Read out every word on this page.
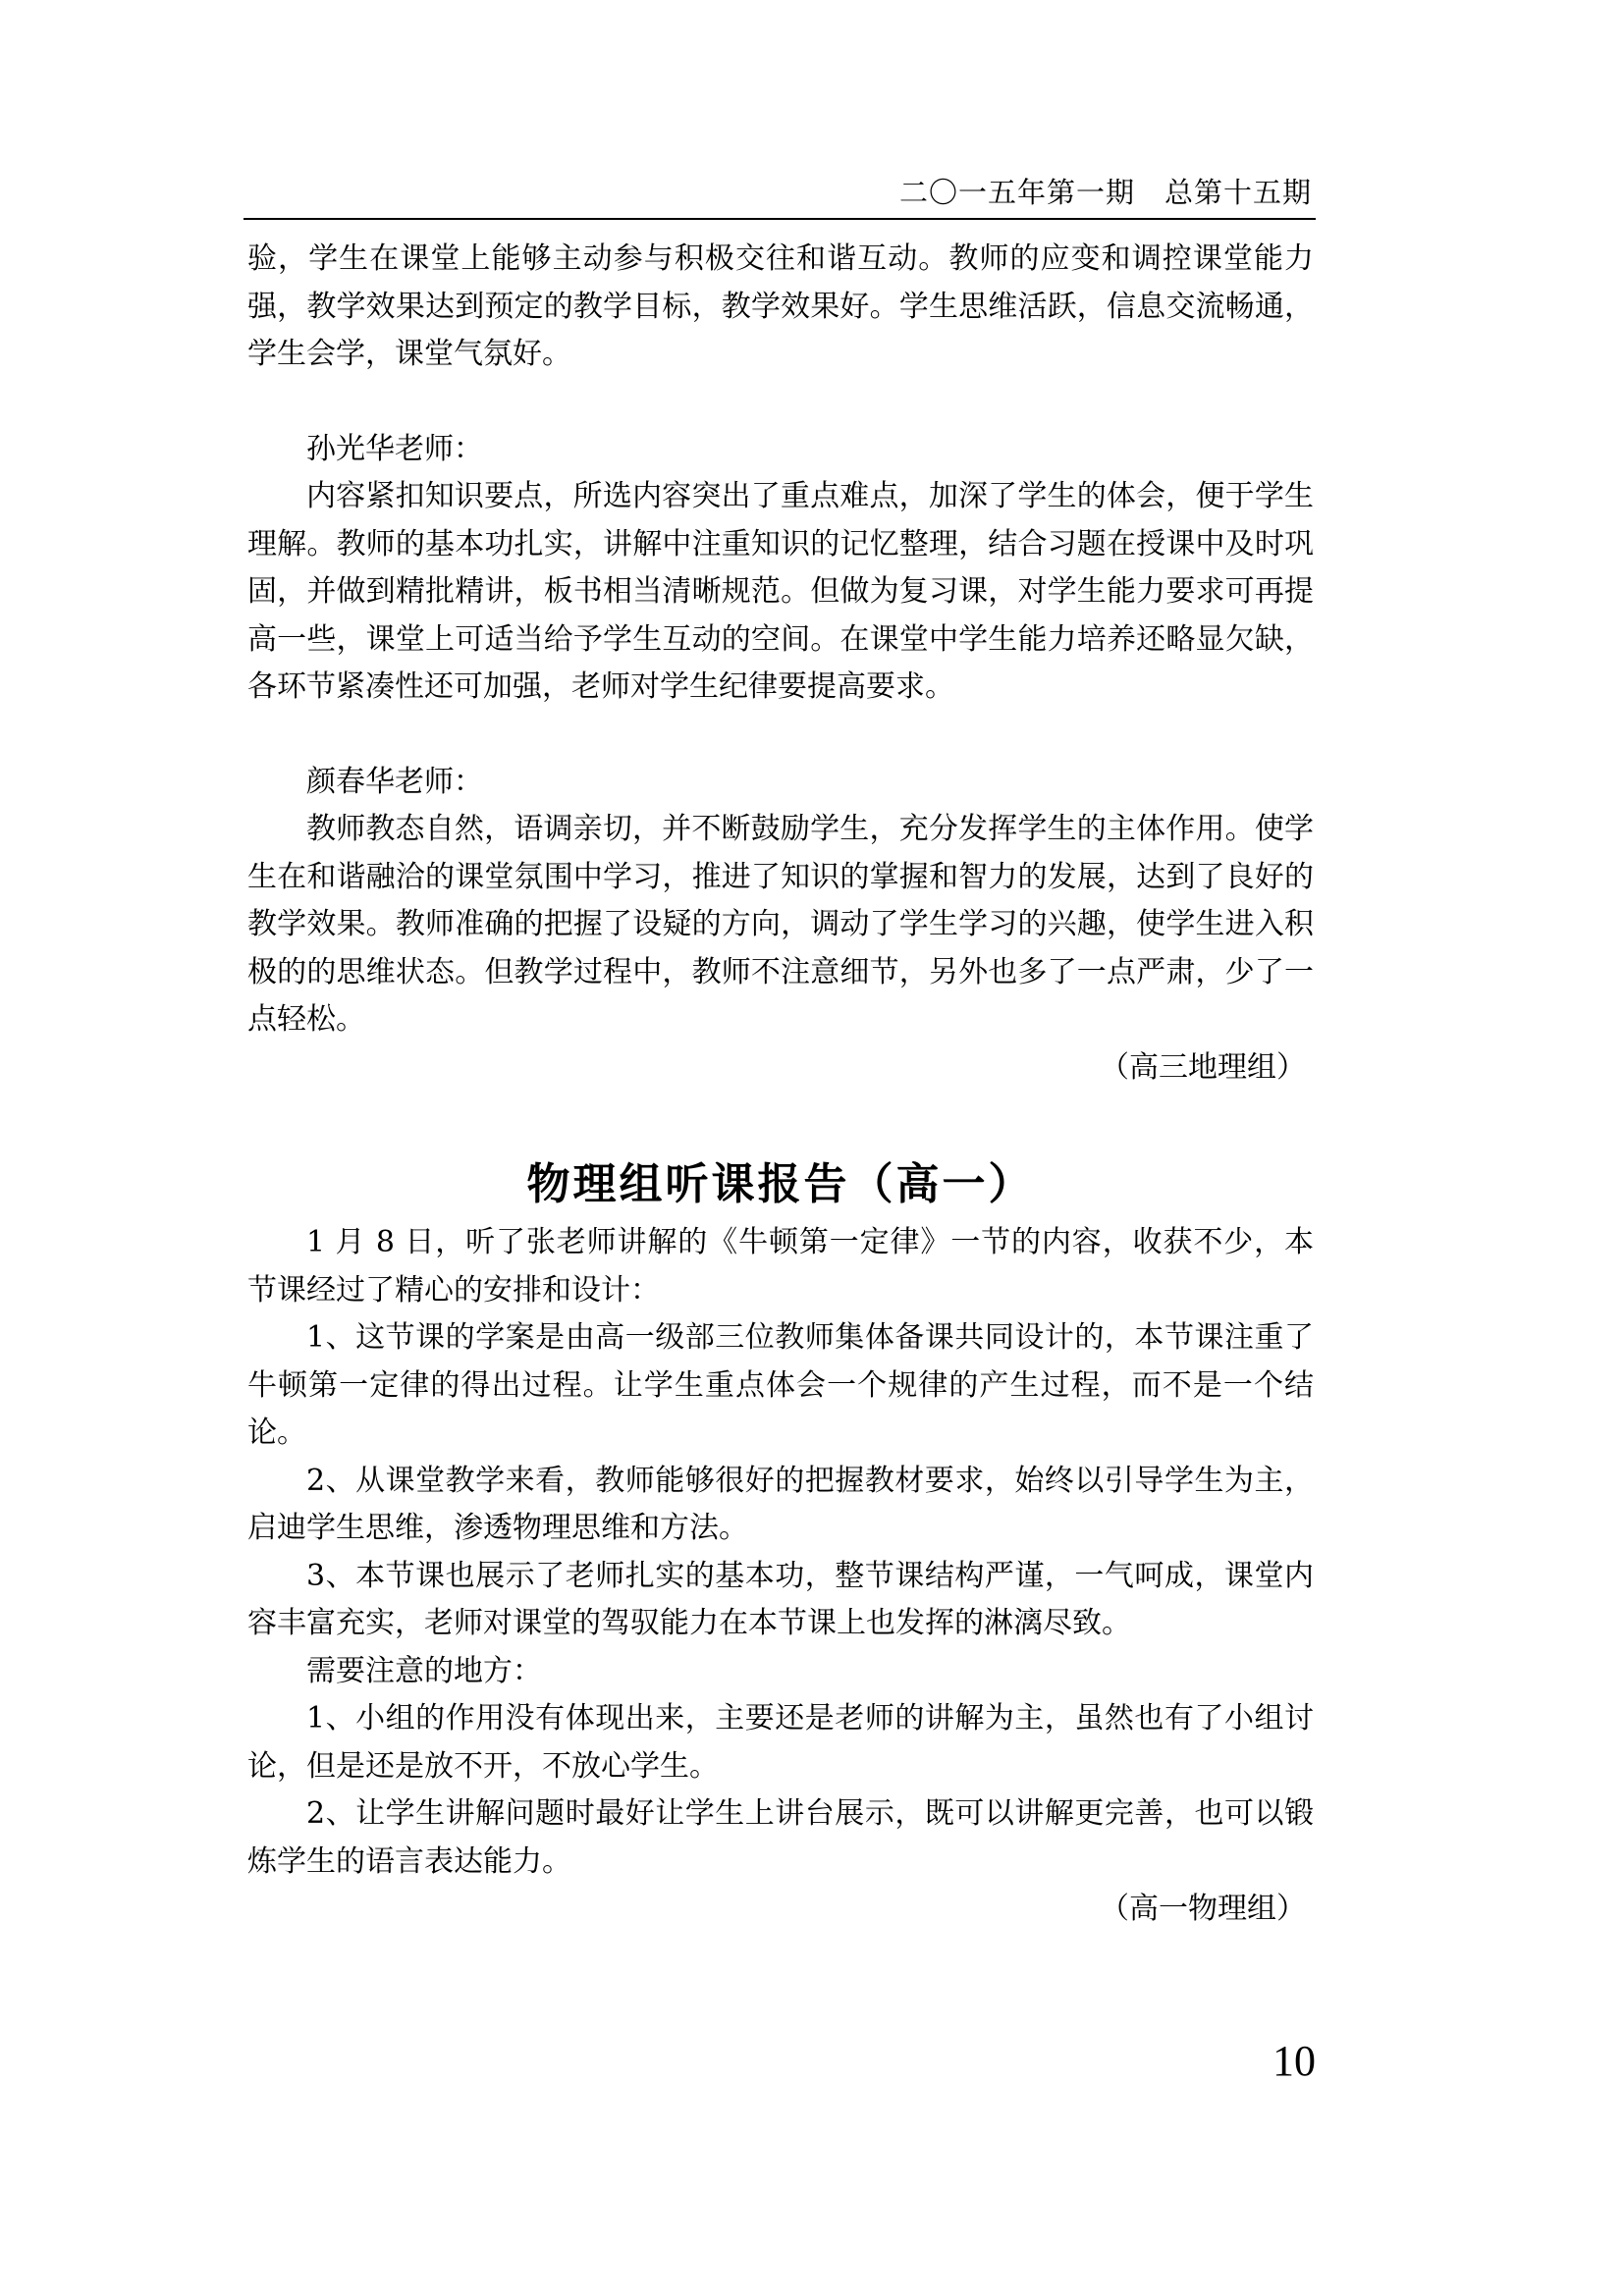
二〇一五年第一期　总第十五期

验，学生在课堂上能够主动参与积极交往和谐互动。教师的应变和调控课堂能力强，教学效果达到预定的教学目标，教学效果好。学生思维活跃，信息交流畅通，学生会学，课堂气氛好。

孙光华老师：

内容紧扣知识要点，所选内容突出了重点难点，加深了学生的体会，便于学生理解。教师的基本功扎实，讲解中注重知识的记忆整理，结合习题在授课中及时巩固，并做到精批精讲，板书相当清晰规范。但做为复习课，对学生能力要求可再提高一些，课堂上可适当给予学生互动的空间。在课堂中学生能力培养还略显欠缺，各环节紧凑性还可加强，老师对学生纪律要提高要求。

颜春华老师：

教师教态自然，语调亲切，并不断鼓励学生，充分发挥学生的主体作用。使学生在和谐融洽的课堂氛围中学习，推进了知识的掌握和智力的发展，达到了良好的教学效果。教师准确的把握了设疑的方向，调动了学生学习的兴趣，使学生进入积极的的思维状态。但教学过程中，教师不注意细节，另外也多了一点严肃，少了一点轻松。

（高三地理组）

物理组听课报告（高一）

1 月 8 日，听了张老师讲解的《牛顿第一定律》一节的内容，收获不少，本节课经过了精心的安排和设计：

1、这节课的学案是由高一级部三位教师集体备课共同设计的，本节课注重了牛顿第一定律的得出过程。让学生重点体会一个规律的产生过程，而不是一个结论。

2、从课堂教学来看，教师能够很好的把握教材要求，始终以引导学生为主，启迪学生思维，渗透物理思维和方法。

3、本节课也展示了老师扎实的基本功，整节课结构严谨，一气呵成，课堂内容丰富充实，老师对课堂的驾驭能力在本节课上也发挥的淋漓尽致。

需要注意的地方：

1、小组的作用没有体现出来，主要还是老师的讲解为主，虽然也有了小组讨论，但是还是放不开，不放心学生。

2、让学生讲解问题时最好让学生上讲台展示，既可以讲解更完善，也可以锻炼学生的语言表达能力。

（高一物理组）

10
